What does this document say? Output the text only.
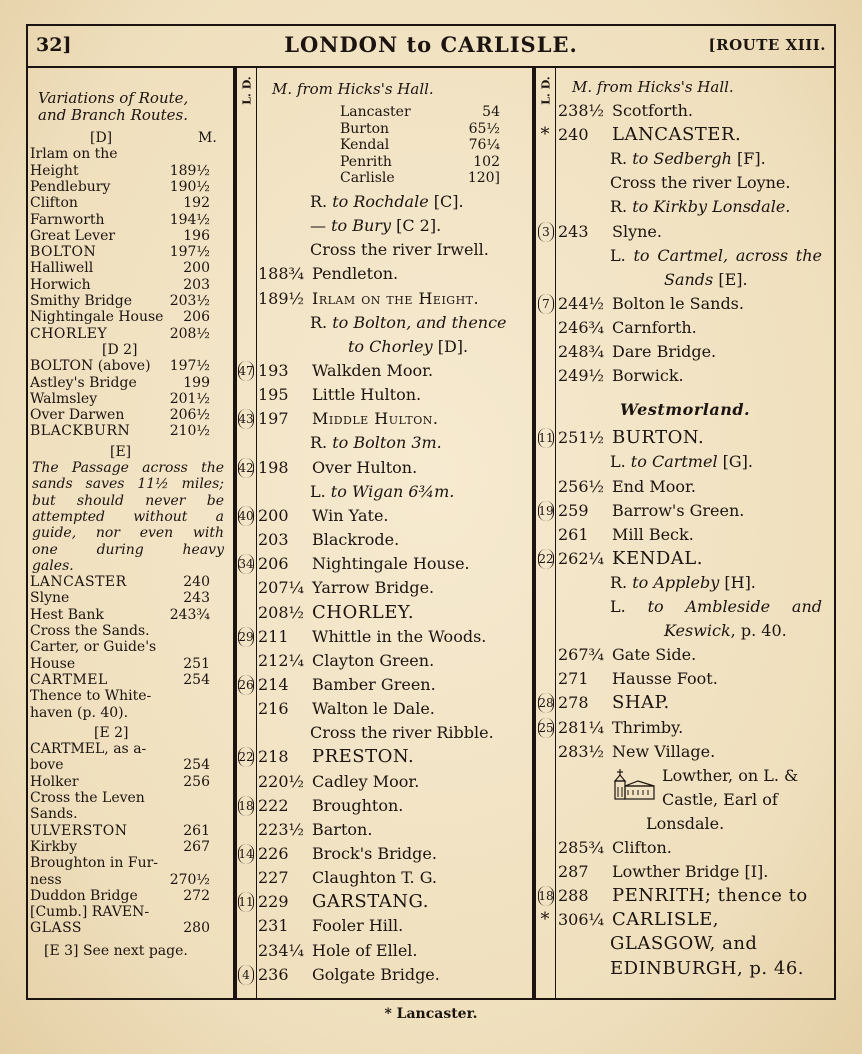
32]	LONDON to CARLISLE.	[ROUTE XIII.
Variations of Route,
and Branch Routes.
[D]	M.
Irlam on the
Height	189½
Pendlebury	190½
Clifton	192
Farnworth	194½
Great Lever	196
BOLTON	197½
Halliwell	200
Horwich	203
Smithy Bridge	203½
Nightingale House 206
CHORLEY	208½
[D 2]
BOLTON (above) 197½
Astley's Bridge	199
Walmsley	201½
Over Darwen	206½
BLACKBURN	210½
[E]
The Passage across the
sands saves 11½ miles;
but should never be
attempted without a
guide, nor even with
one during heavy
gales.
LANCASTER	240
Slyne	243
Hest Bank	243¾
Cross the Sands.
Carter, or Guide's
House	251
CARTMEL	254
Thence to White-
haven (p. 40).
[E 2]
CARTMEL, as a-
bove	254
Holker	256
Cross the Leven
Sands.
ULVERSTON	261
Kirkby	267
Broughton in Fur-
ness	270½
Duddon Bridge	272
[Cumb.] RAVEN-
GLASS	280
[E 3] See next page.
L. D.	L. D.
M. from Hicks's Hall.	M. from Hicks's Hall.
Lancaster	54
Burton	65½
Kendal	76¼
Penrith	102
Carlisle	120]
R. to Rochdale [C].
— to Bury [C 2].
Cross the river Irwell.
188¾ Pendleton.
189½ Irlam on the Height.
R. to Bolton, and thence
to Chorley [D].
47 193	Walkden Moor.
195	Little Hulton.
43 197	Middle Hulton.
R. to Bolton 3m.
42 198	Over Hulton.
L. to Wigan 6¾m.
40 200	Win Yate.
203	Blackrode.
34 206	Nightingale House.
207¼ Yarrow Bridge.
208½ CHORLEY.
29 211	Whittle in the Woods.
212¼ Clayton Green.
26 214	Bamber Green.
216	Walton le Dale.
Cross the river Ribble.
22 218	PRESTON.
220½ Cadley Moor.
18 222	Broughton.
223½ Barton.
14 226	Brock's Bridge.
227	Claughton T. G.
11 229	GARSTANG.
231	Fooler Hill.
234¼ Hole of Ellel.
4 236	Golgate Bridge.
238½ Scotforth.
* 240	LANCASTER.
R. to Sedbergh [F].
Cross the river Loyne.
R. to Kirkby Lonsdale.
3 243	Slyne.
L. to Cartmel, across the
Sands [E].
7 244½ Bolton le Sands.
246¾ Carnforth.
248¾ Dare Bridge.
249½ Borwick.
Westmorland.
11 251½ BURTON.
L. to Cartmel [G].
256½ End Moor.
19 259	Barrow's Green.
261	Mill Beck.
22 262¼ KENDAL.
R. to Appleby [H].
L. to Ambleside and
Keswick, p. 40.
267¾ Gate Side.
271	Hausse Foot.
28 278	SHAP.
25 281¼ Thrimby.
283½ New Village.
Lowther, on L. &
Castle, Earl of
Lonsdale.
285¾ Clifton.
287	Lowther Bridge [I].
18 288	PENRITH; thence to
* 306¼ CARLISLE,
GLASGOW, and
EDINBURGH, p. 46.
* Lancaster.
